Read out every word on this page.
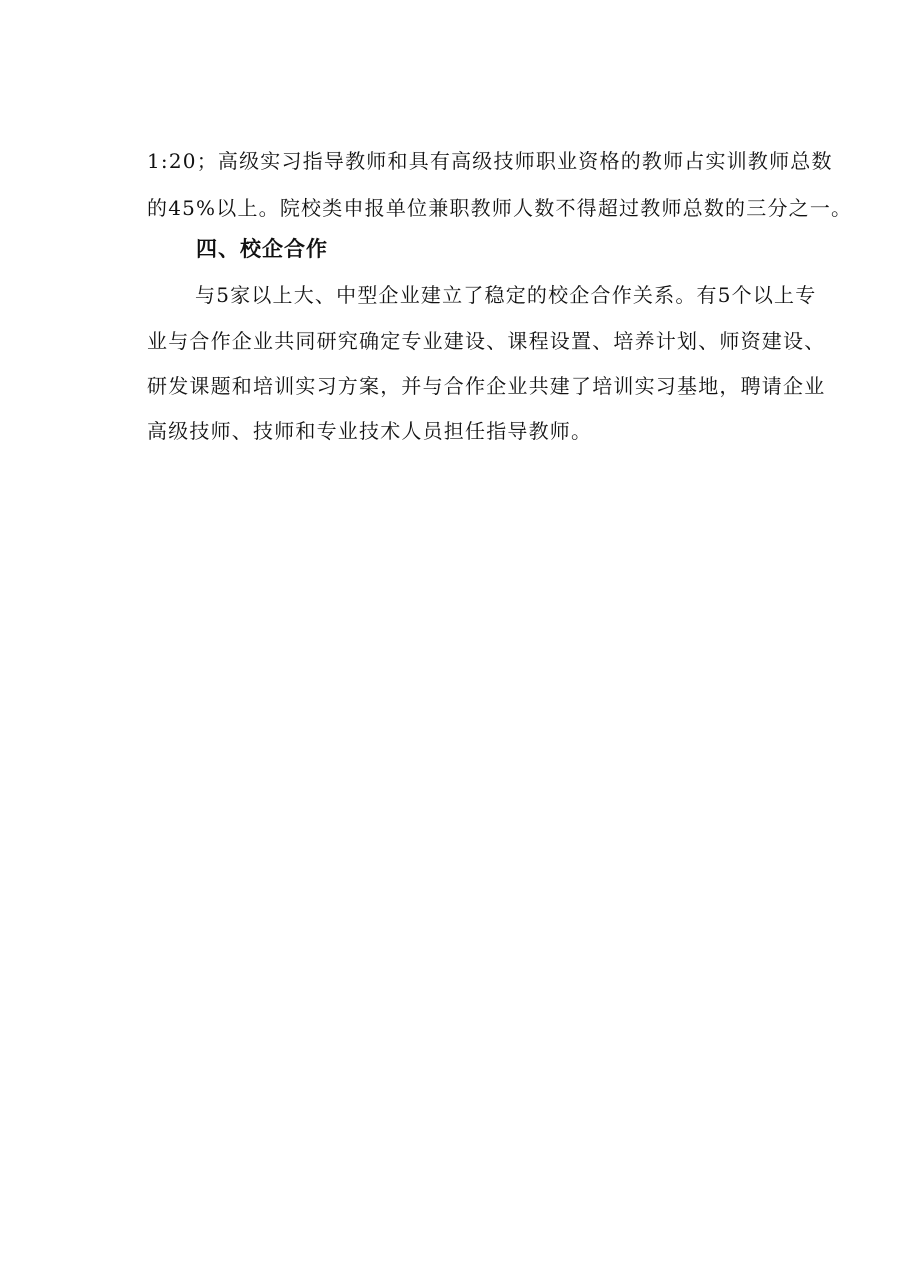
1:20；高级实习指导教师和具有高级技师职业资格的教师占实训教师总数
的45%以上。院校类申报单位兼职教师人数不得超过教师总数的三分之一。
四、校企合作
与5家以上大、中型企业建立了稳定的校企合作关系。有5个以上专
业与合作企业共同研究确定专业建设、课程设置、培养计划、师资建设、
研发课题和培训实习方案，并与合作企业共建了培训实习基地，聘请企业
高级技师、技师和专业技术人员担任指导教师。
